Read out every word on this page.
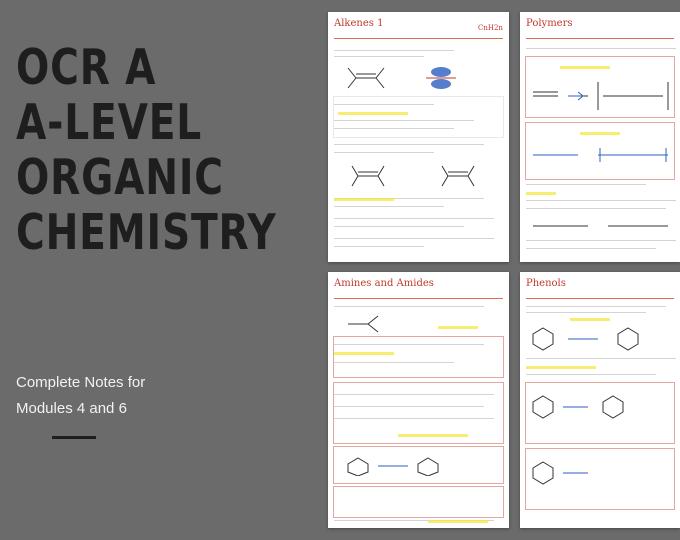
OCR A
A-LEVEL
ORGANIC
CHEMISTRY
Complete Notes for
Modules 4 and 6
Alkenes 1	CnH2n Polymers
Amines and Amides	Phenols
